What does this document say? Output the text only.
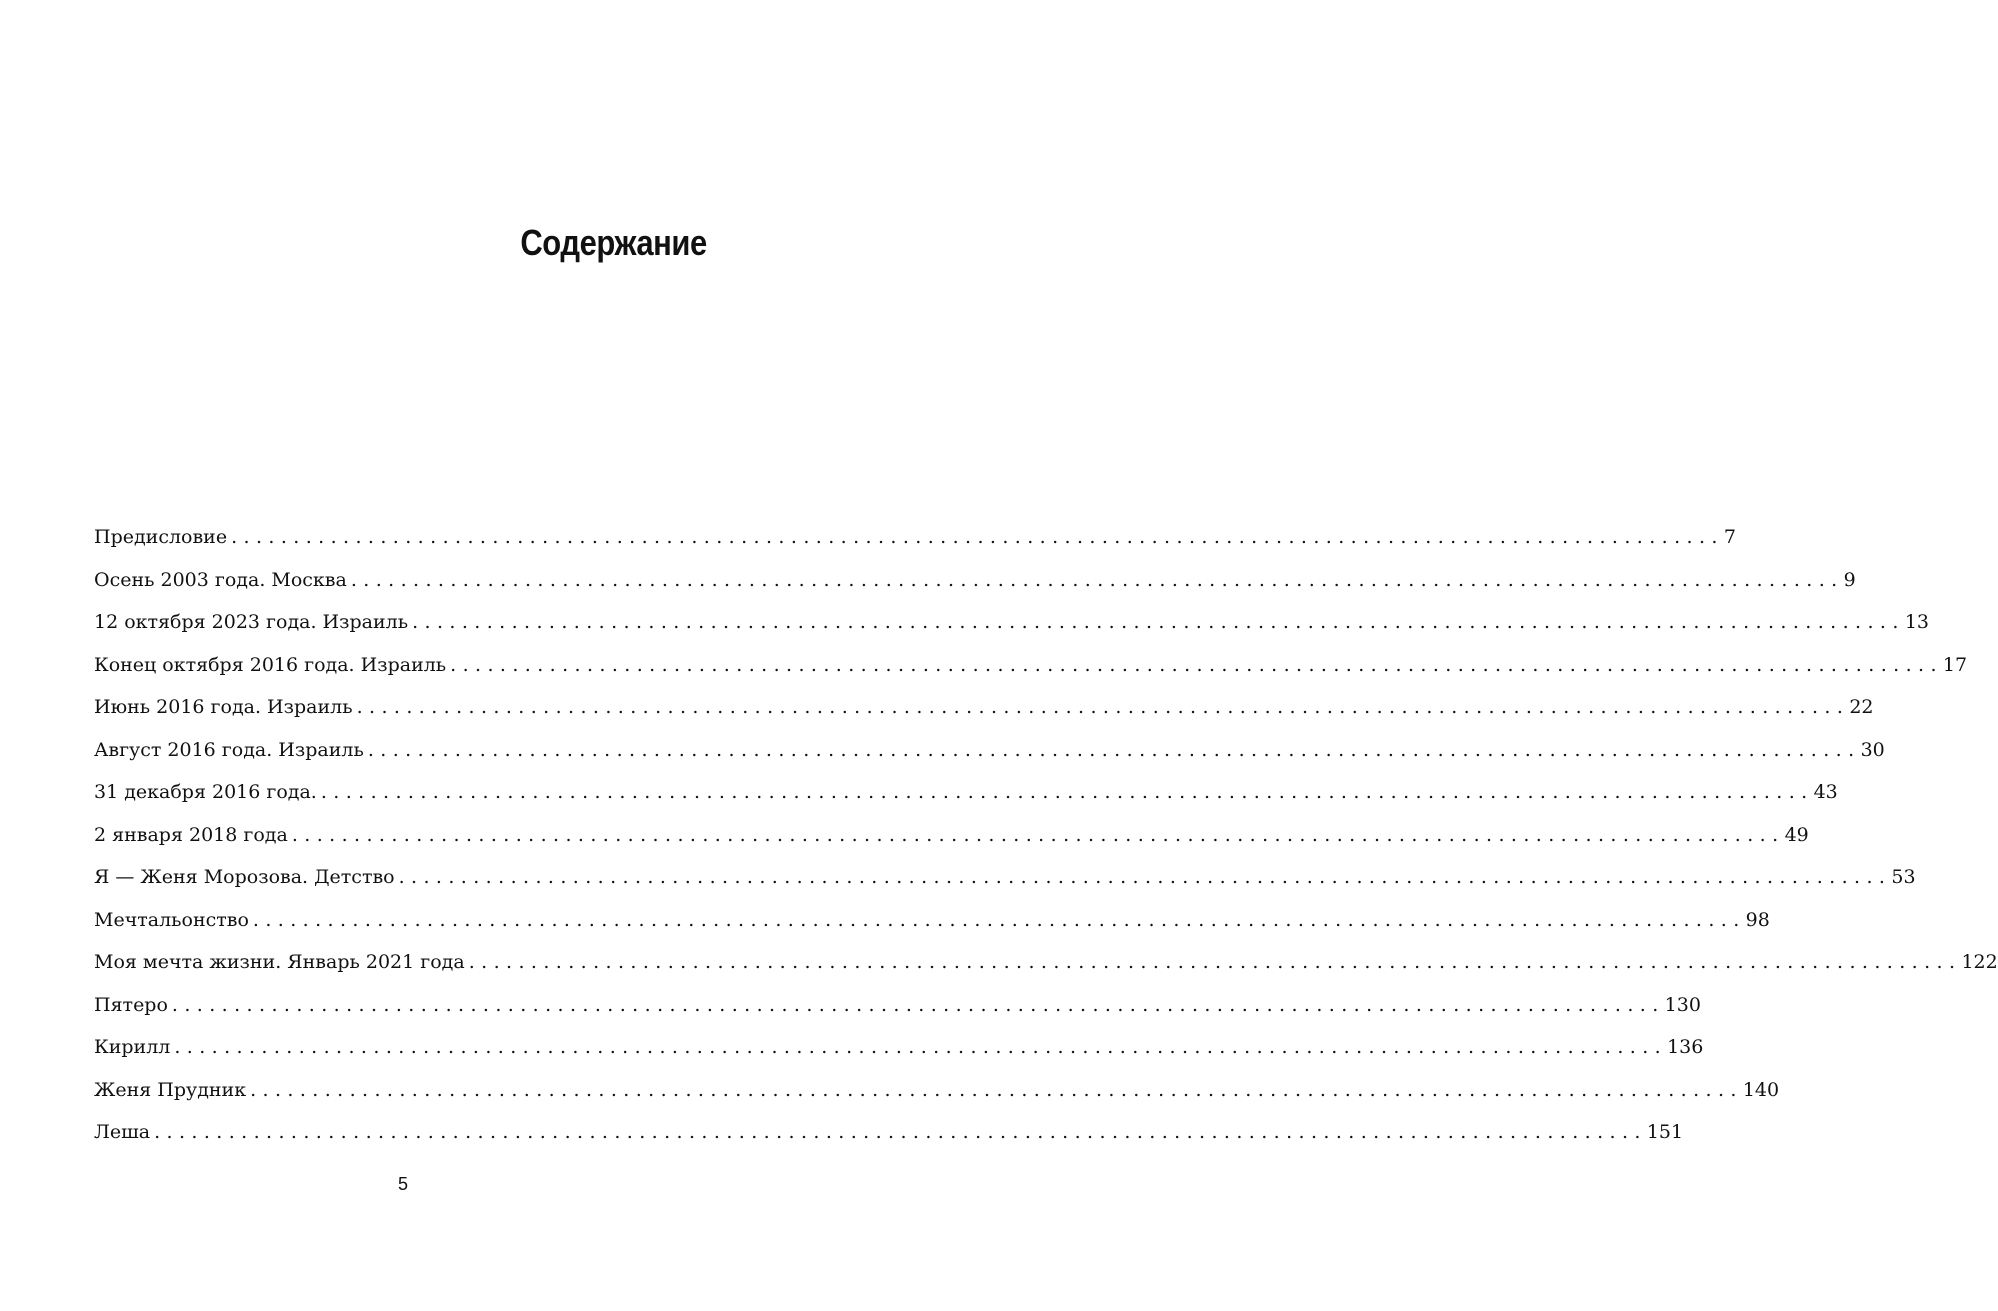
Содержание
Предисловие ........................................................................................................................ 7
Осень 2003 года. Москва ........................................................................................................................ 9
12 октября 2023 года. Израиль ........................................................................................................................ 13
Конец октября 2016 года. Израиль ........................................................................................................................ 17
Июнь 2016 года. Израиль ........................................................................................................................ 22
Август 2016 года. Израиль ........................................................................................................................ 30
31 декабря 2016 года. ........................................................................................................................ 43
2 января 2018 года ........................................................................................................................ 49
Я — Женя Морозова. Детство ........................................................................................................................ 53
Мечтальонство ........................................................................................................................ 98
Моя мечта жизни. Январь 2021 года ........................................................................................................................ 122
Пятеро ........................................................................................................................ 130
Кирилл ........................................................................................................................ 136
Женя Прудник ........................................................................................................................ 140
Леша ........................................................................................................................ 151
5
